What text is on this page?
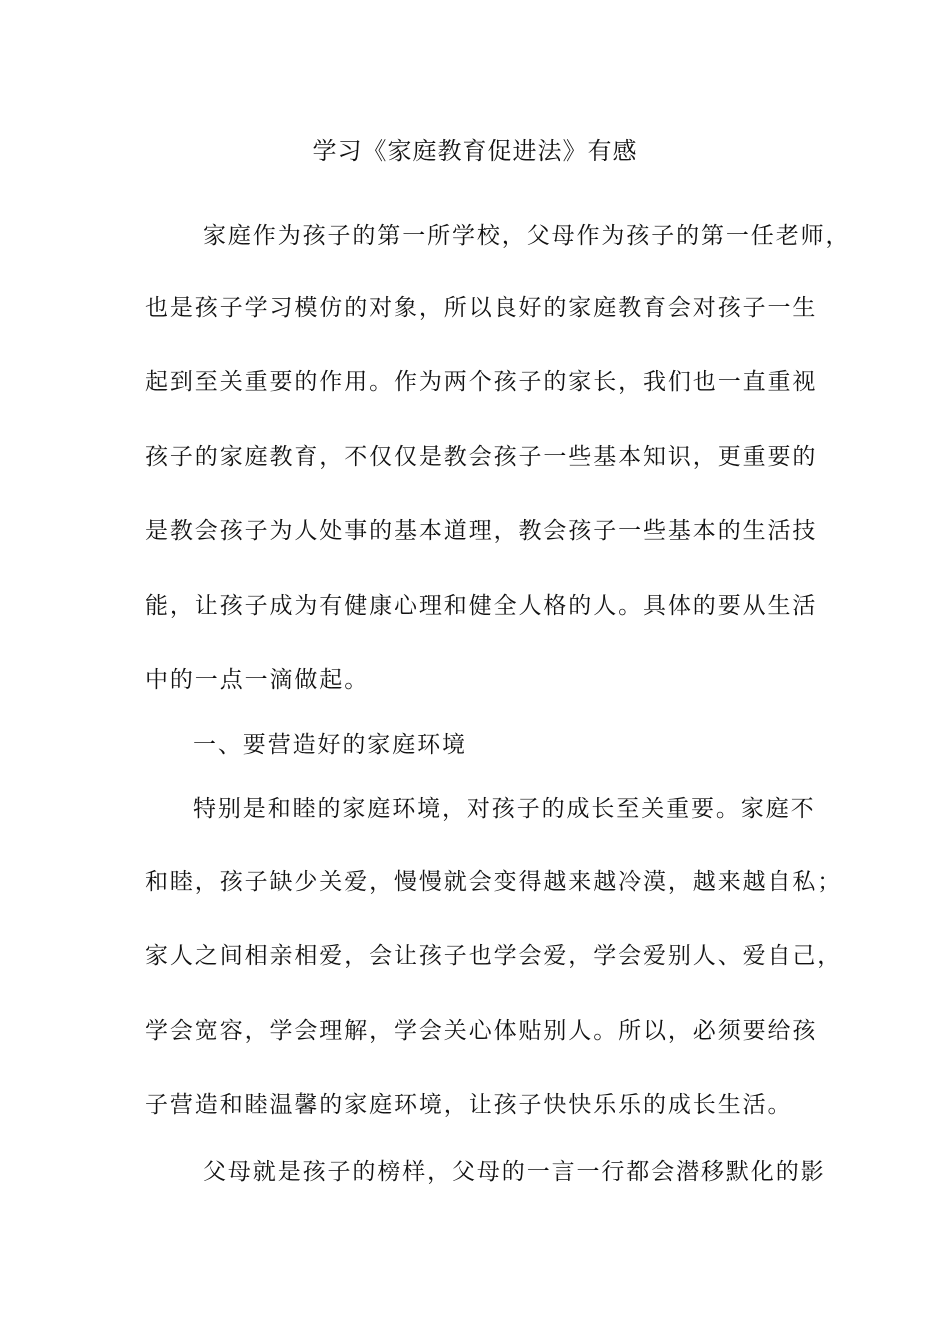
学习《家庭教育促进法》有感
家庭作为孩子的第一所学校，父母作为孩子的第一任老师，
也是孩子学习模仿的对象，所以良好的家庭教育会对孩子一生
起到至关重要的作用。作为两个孩子的家长，我们也一直重视
孩子的家庭教育，不仅仅是教会孩子一些基本知识，更重要的
是教会孩子为人处事的基本道理，教会孩子一些基本的生活技
能，让孩子成为有健康心理和健全人格的人。具体的要从生活
中的一点一滴做起。
一、要营造好的家庭环境
特别是和睦的家庭环境，对孩子的成长至关重要。家庭不
和睦，孩子缺少关爱，慢慢就会变得越来越冷漠，越来越自私；
家人之间相亲相爱，会让孩子也学会爱，学会爱别人、爱自己，
学会宽容，学会理解，学会关心体贴别人。所以，必须要给孩
子营造和睦温馨的家庭环境，让孩子快快乐乐的成长生活。
父母就是孩子的榜样，父母的一言一行都会潜移默化的影
